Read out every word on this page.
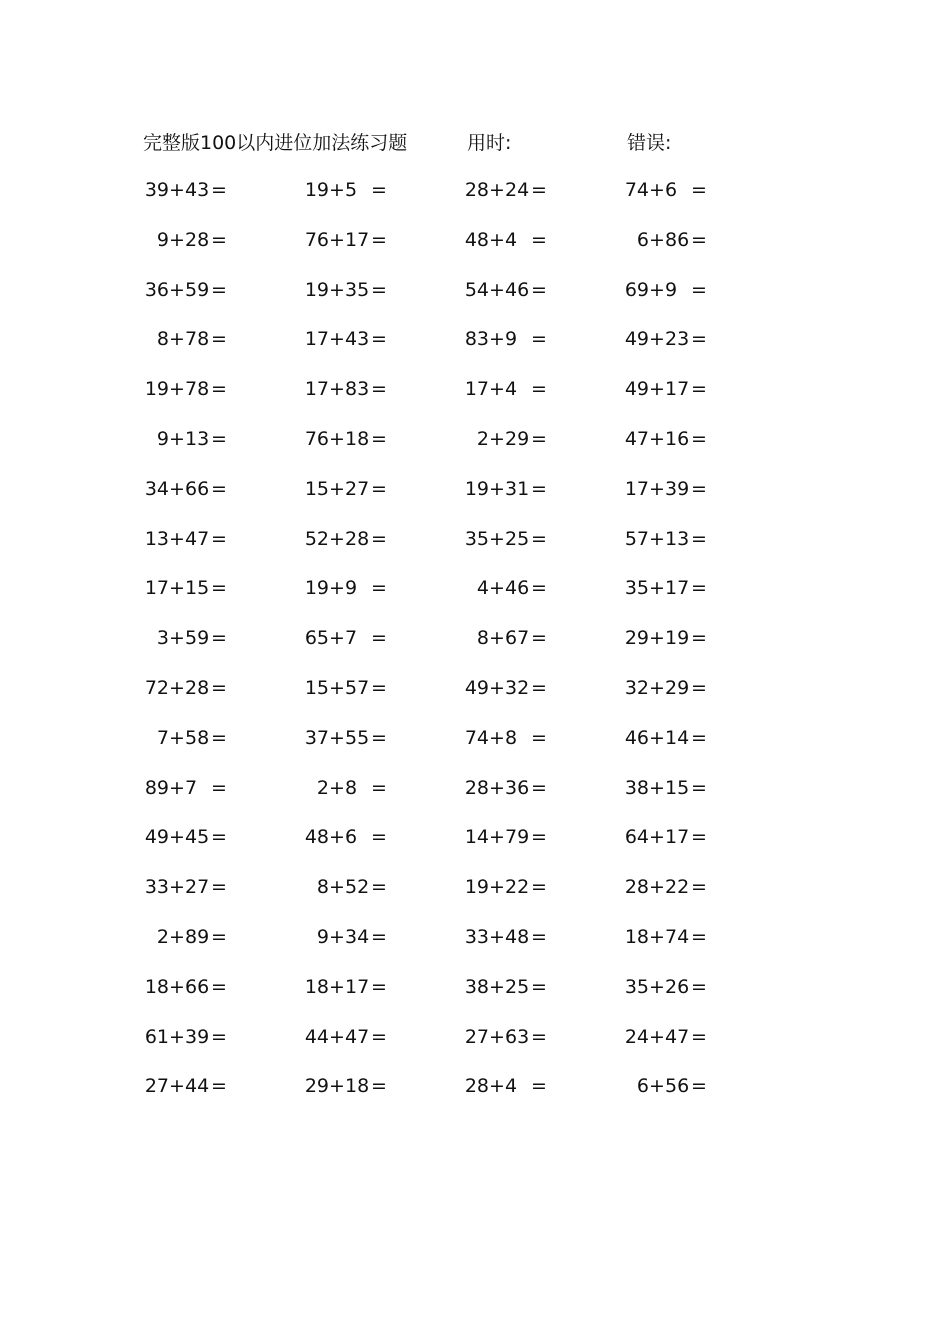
完整版100以内进位加法练习题	用时:	错误:
39+43=	19+5 =	28+24=	74+6 =
9+28=	76+17=	48+4 =	6+86=
36+59=	19+35=	54+46=	69+9 =
8+78=	17+43=	83+9 =	49+23=
19+78=	17+83=	17+4 =	49+17=
9+13=	76+18=	2+29=	47+16=
34+66=	15+27=	19+31=	17+39=
13+47=	52+28=	35+25=	57+13=
17+15=	19+9 =	4+46=	35+17=
3+59=	65+7 =	8+67=	29+19=
72+28=	15+57=	49+32=	32+29=
7+58=	37+55=	74+8 =	46+14=
89+7 =	2+8 =	28+36=	38+15=
49+45=	48+6 =	14+79=	64+17=
33+27=	8+52=	19+22=	28+22=
2+89=	9+34=	33+48=	18+74=
18+66=	18+17=	38+25=	35+26=
61+39=	44+47=	27+63=	24+47=
27+44=	29+18=	28+4 =	6+56=
